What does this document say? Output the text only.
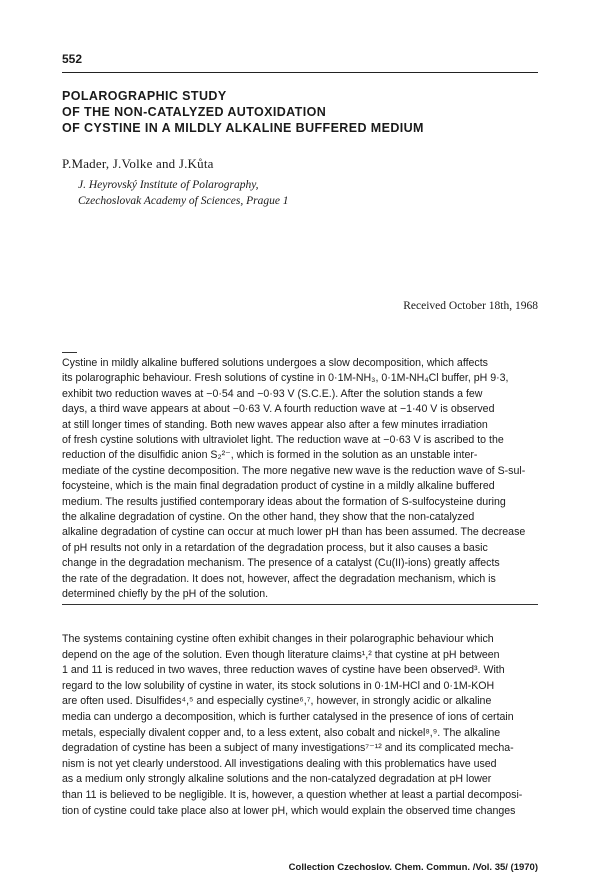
552
POLAROGRAPHIC STUDY
OF THE NON-CATALYZED AUTOXIDATION
OF CYSTINE IN A MILDLY ALKALINE BUFFERED MEDIUM
P.Mader, J.Volke and J.Kůta
J. Heyrovský Institute of Polarography,
Czechoslovak Academy of Sciences, Prague 1
Received October 18th, 1968
Cystine in mildly alkaline buffered solutions undergoes a slow decomposition, which affects
its polarographic behaviour. Fresh solutions of cystine in 0·1M-NH₃, 0·1M-NH₄Cl buffer, pH 9·3,
exhibit two reduction waves at −0·54 and −0·93 V (S.C.E.). After the solution stands a few
days, a third wave appears at about −0·63 V. A fourth reduction wave at −1·40 V is observed
at still longer times of standing. Both new waves appear also after a few minutes irradiation
of fresh cystine solutions with ultraviolet light. The reduction wave at −0·63 V is ascribed to the
reduction of the disulfidic anion S₂²⁻, which is formed in the solution as an unstable inter-
mediate of the cystine decomposition. The more negative new wave is the reduction wave of S-sul-
focysteine, which is the main final degradation product of cystine in a mildly alkaline buffered
medium. The results justified contemporary ideas about the formation of S-sulfocysteine during
the alkaline degradation of cystine. On the other hand, they show that the non-catalyzed
alkaline degradation of cystine can occur at much lower pH than has been assumed. The decrease
of pH results not only in a retardation of the degradation process, but it also causes a basic
change in the degradation mechanism. The presence of a catalyst (Cu(II)-ions) greatly affects
the rate of the degradation. It does not, however, affect the degradation mechanism, which is
determined chiefly by the pH of the solution.
The systems containing cystine often exhibit changes in their polarographic behaviour which
depend on the age of the solution. Even though literature claims¹,² that cystine at pH between
1 and 11 is reduced in two waves, three reduction waves of cystine have been observed³. With
regard to the low solubility of cystine in water, its stock solutions in 0·1M-HCl and 0·1M-KOH
are often used. Disulfides⁴,⁵ and especially cystine⁶,⁷, however, in strongly acidic or alkaline
media can undergo a decomposition, which is further catalysed in the presence of ions of certain
metals, especially divalent copper and, to a less extent, also cobalt and nickel⁸,⁹. The alkaline
degradation of cystine has been a subject of many investigations⁷⁻¹² and its complicated mecha-
nism is not yet clearly understood. All investigations dealing with this problematics have used
as a medium only strongly alkaline solutions and the non-catalyzed degradation at pH lower
than 11 is believed to be negligible. It is, however, a question whether at least a partial decomposi-
tion of cystine could take place also at lower pH, which would explain the observed time changes
Collection Czechoslov. Chem. Commun. /Vol. 35/ (1970)
